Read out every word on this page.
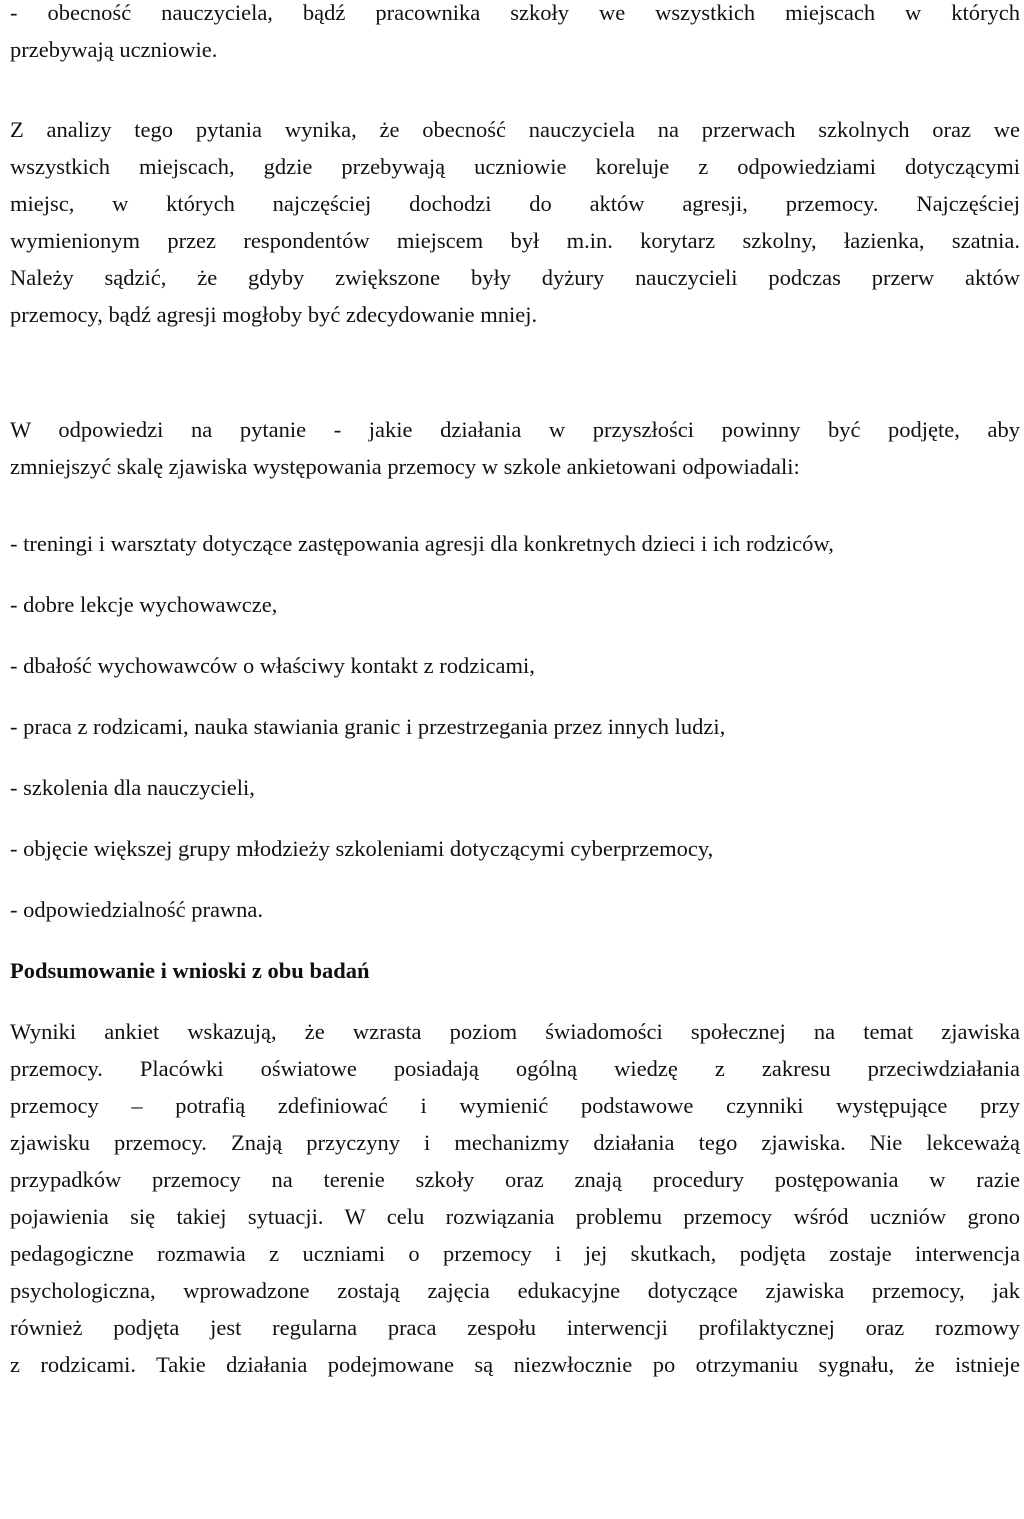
- obecność nauczyciela, bądź pracownika szkoły we wszystkich miejscach w których
przebywają uczniowie.
Z analizy tego pytania wynika, że obecność nauczyciela na przerwach szkolnych oraz we
wszystkich miejscach, gdzie przebywają uczniowie koreluje z odpowiedziami dotyczącymi
miejsc, w których najczęściej dochodzi do aktów agresji, przemocy. Najczęściej
wymienionym przez respondentów miejscem był m.in. korytarz szkolny, łazienka, szatnia.
Należy sądzić, że gdyby zwiększone były dyżury nauczycieli podczas przerw aktów
przemocy, bądź agresji mogłoby być zdecydowanie mniej.
W odpowiedzi na pytanie - jakie działania w przyszłości powinny być podjęte, aby
zmniejszyć skalę zjawiska występowania przemocy w szkole ankietowani odpowiadali:
- treningi i warsztaty dotyczące zastępowania agresji dla konkretnych dzieci i ich rodziców,
- dobre lekcje wychowawcze,
- dbałość wychowawców o właściwy kontakt z rodzicami,
- praca z rodzicami, nauka stawiania granic i przestrzegania przez innych ludzi,
- szkolenia dla nauczycieli,
- objęcie większej grupy młodzieży szkoleniami dotyczącymi cyberprzemocy,
- odpowiedzialność prawna.
Podsumowanie i wnioski z obu badań
Wyniki ankiet wskazują, że wzrasta poziom świadomości społecznej na temat zjawiska
przemocy. Placówki oświatowe posiadają ogólną wiedzę z zakresu przeciwdziałania
przemocy – potrafią zdefiniować i wymienić podstawowe czynniki występujące przy
zjawisku przemocy. Znają przyczyny i mechanizmy działania tego zjawiska. Nie lekceważą
przypadków przemocy na terenie szkoły oraz znają procedury postępowania w razie
pojawienia się takiej sytuacji. W celu rozwiązania problemu przemocy wśród uczniów grono
pedagogiczne rozmawia z uczniami o przemocy i jej skutkach, podjęta zostaje interwencja
psychologiczna, wprowadzone zostają zajęcia edukacyjne dotyczące zjawiska przemocy, jak
również podjęta jest regularna praca zespołu interwencji profilaktycznej oraz rozmowy
z rodzicami. Takie działania podejmowane są niezwłocznie po otrzymaniu sygnału, że istnieje
